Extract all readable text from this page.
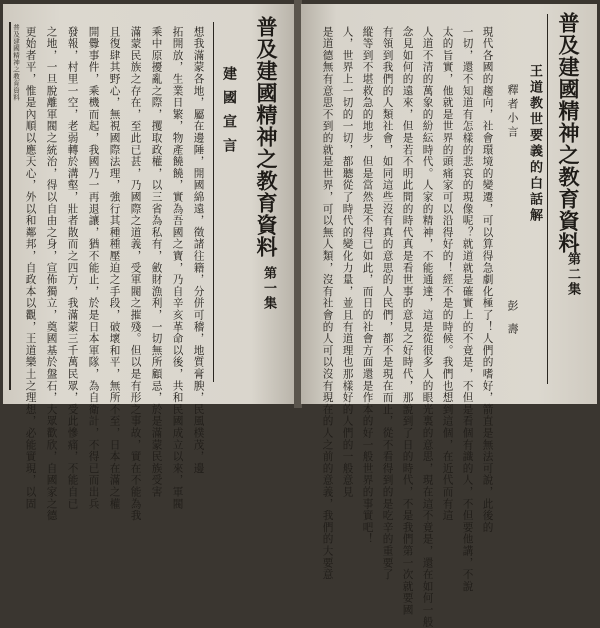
想我滿蒙各地，屬在邊陲，開國綿遠，徵諸往籍，分併可稽，地質膏腴，民風樸茂，邊
拓開放，生業日繁，物產饒饒，實為吾國之寶，乃自辛亥革命以後，共和民國成立以來，軍閥
乘中原擾亂之際，攫取政權，以三省為私有，斂財漁利，一切無所顧忌，於是滿蒙民族受害
滿蒙民族之存在，至此已甚，乃國際之道義，受軍閥之摧殘。但以是有形之事故，實在不能為我
且復肆其野心，無視國際法理，強行其種種壓迫之手段，破壞和平，無所不至，日本在滿之權
開釁事件，乘機而起，我國乃一再退讓，猶不能止，於是日本軍隊，為自衛計，不得已而出兵
發報，村里一空，老弱轉於溝壑，壯者散而之四方，我滿蒙三千萬民眾，受此慘痛，不能自已
之地，一旦脫離軍閥之統治，得以自由之身，宣佈獨立，奠國基於盤石，大眾歡欣，自國家之德
更始者平，惟是內順以應天心，外以和鄰邦，自政本以觀，王道樂土之理想，必能實現，以固	建國宣言 普及建國精神之教育資料
第一集
普及建國精神之教育資料	普及建國精神之教育資料
第二集
王道教世要義的白話解
釋者小言
彭壽
現代各國的趨向，社會環境的變遷，可以算得急劇化極了！人們的嗜好，箭直是無法可說，此後的
一切，還不知道有怎樣的悲哀的現像呢？就道就是確實上的不竟是，不但是看個有識的人，不但要他講，不說
太的旨實，他就是世界的頭痛家可以沿得好的！經不是的時候。我們也想到這個，在近代而有這
人道不清的萬象的紛紜時代。人家的精神，不能通達，這是從很多人的眼光裏的意思，現在這不竟是，還在如何一般
念見如何的遠來，但是若不明此間的時代真是看世事的意見之好時代，那說到了日的時代，不是我們第一次就要國
有領到我們的人類社會，如同這些沒有真的意思的人民們，都不是現在而止，從不看得到的是吃辛的重要了
縱等到不堪救急的地步，但是當然是不得已如此，而日的社會方面還是作本的好一般世界的事實吧！
人，世界上一切的一切，都聽從了時代的變化力量，並且有道理也那樣好的人們的一般意見
是道德無有意思不到的就是世界，可以無人類，沒有社會的人可以沒有現在的人之前的意義，我們的大要意
